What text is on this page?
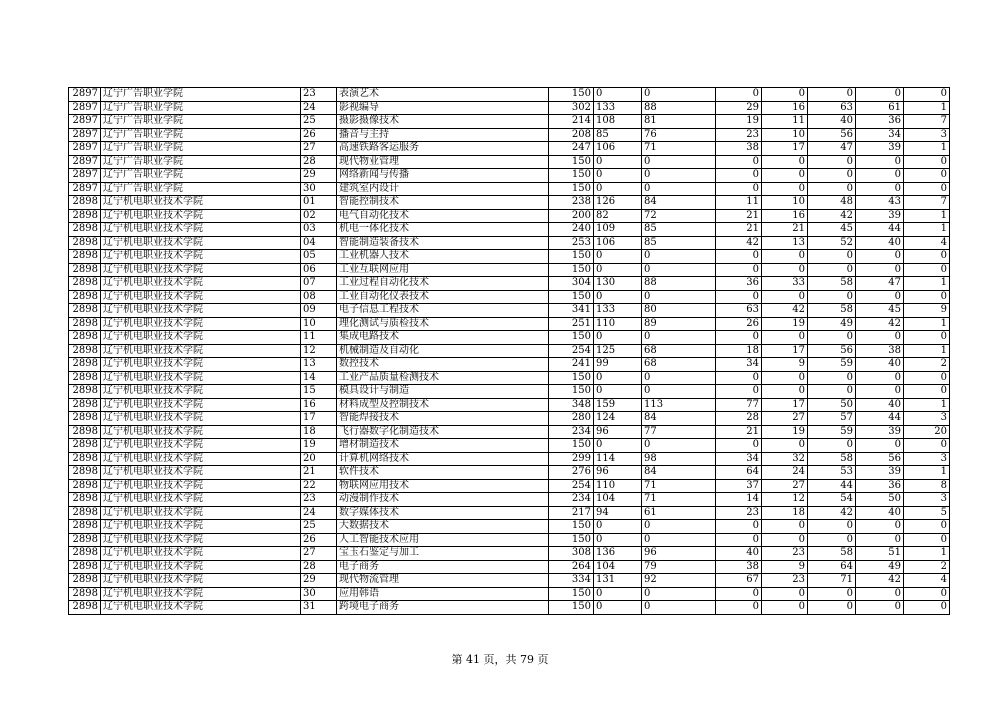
2897	辽宁广告职业学院	23	表演艺术	150	0	0	0	0	0	0	0
2897	辽宁广告职业学院	24	影视编导	302	133	88	29	16	63	61	1
2897	辽宁广告职业学院	25	摄影摄像技术	214	108	81	19	11	40	36	7
2897	辽宁广告职业学院	26	播音与主持	208	85	76	23	10	56	34	3
2897	辽宁广告职业学院	27	高速铁路客运服务	247	106	71	38	17	47	39	1
2897	辽宁广告职业学院	28	现代物业管理	150	0	0	0	0	0	0	0
2897	辽宁广告职业学院	29	网络新闻与传播	150	0	0	0	0	0	0	0
2897	辽宁广告职业学院	30	建筑室内设计	150	0	0	0	0	0	0	0
2898	辽宁机电职业技术学院	01	智能控制技术	238	126	84	11	10	48	43	7
2898	辽宁机电职业技术学院	02	电气自动化技术	200	82	72	21	16	42	39	1
2898	辽宁机电职业技术学院	03	机电一体化技术	240	109	85	21	21	45	44	1
2898	辽宁机电职业技术学院	04	智能制造装备技术	253	106	85	42	13	52	40	4
2898	辽宁机电职业技术学院	05	工业机器人技术	150	0	0	0	0	0	0	0
2898	辽宁机电职业技术学院	06	工业互联网应用	150	0	0	0	0	0	0	0
2898	辽宁机电职业技术学院	07	工业过程自动化技术	304	130	88	36	33	58	47	1
2898	辽宁机电职业技术学院	08	工业自动化仪表技术	150	0	0	0	0	0	0	0
2898	辽宁机电职业技术学院	09	电子信息工程技术	341	133	80	63	42	58	45	9
2898	辽宁机电职业技术学院	10	理化测试与质检技术	251	110	89	26	19	49	42	1
2898	辽宁机电职业技术学院	11	集成电路技术	150	0	0	0	0	0	0	0
2898	辽宁机电职业技术学院	12	机械制造及自动化	254	125	68	18	17	56	38	1
2898	辽宁机电职业技术学院	13	数控技术	241	99	68	34	9	59	40	2
2898	辽宁机电职业技术学院	14	工业产品质量检测技术	150	0	0	0	0	0	0	0
2898	辽宁机电职业技术学院	15	模具设计与制造	150	0	0	0	0	0	0	0
2898	辽宁机电职业技术学院	16	材料成型及控制技术	348	159	113	77	17	50	40	1
2898	辽宁机电职业技术学院	17	智能焊接技术	280	124	84	28	27	57	44	3
2898	辽宁机电职业技术学院	18	飞行器数字化制造技术	234	96	77	21	19	59	39	20
2898	辽宁机电职业技术学院	19	增材制造技术	150	0	0	0	0	0	0	0
2898	辽宁机电职业技术学院	20	计算机网络技术	299	114	98	34	32	58	56	3
2898	辽宁机电职业技术学院	21	软件技术	276	96	84	64	24	53	39	1
2898	辽宁机电职业技术学院	22	物联网应用技术	254	110	71	37	27	44	36	8
2898	辽宁机电职业技术学院	23	动漫制作技术	234	104	71	14	12	54	50	3
2898	辽宁机电职业技术学院	24	数字媒体技术	217	94	61	23	18	42	40	5
2898	辽宁机电职业技术学院	25	大数据技术	150	0	0	0	0	0	0	0
2898	辽宁机电职业技术学院	26	人工智能技术应用	150	0	0	0	0	0	0	0
2898	辽宁机电职业技术学院	27	宝玉石鉴定与加工	308	136	96	40	23	58	51	1
2898	辽宁机电职业技术学院	28	电子商务	264	104	79	38	9	64	49	2
2898	辽宁机电职业技术学院	29	现代物流管理	334	131	92	67	23	71	42	4
2898	辽宁机电职业技术学院	30	应用韩语	150	0	0	0	0	0	0	0
2898	辽宁机电职业技术学院	31	跨境电子商务	150	0	0	0	0	0	0	0
第 41 页，共 79 页
